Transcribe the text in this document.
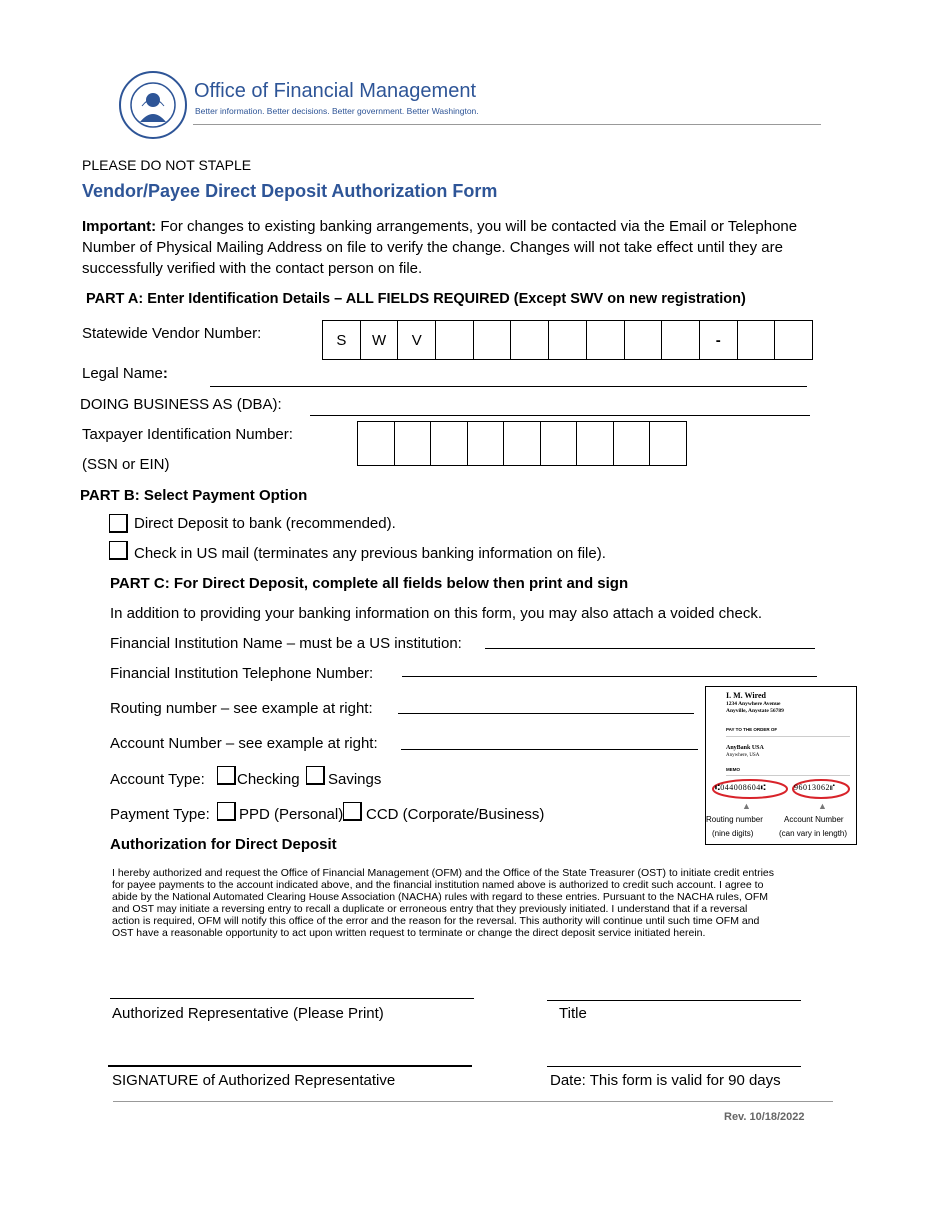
Office of Financial Management
Better information. Better decisions. Better government. Better Washington.
PLEASE DO NOT STAPLE
Vendor/Payee Direct Deposit Authorization Form
Important: For changes to existing banking arrangements, you will be contacted via the Email or Telephone
Number of Physical Mailing Address on file to verify the change. Changes will not take effect until they are
successfully verified with the contact person on file.
PART A: Enter Identification Details – ALL FIELDS REQUIRED (Except SWV on new registration)
Statewide Vendor Number:	S	W	V	-
Legal Name:
DOING BUSINESS AS (DBA):
Taxpayer Identification Number:
(SSN or EIN)
PART B: Select Payment Option
Direct Deposit to bank (recommended).
Check in US mail (terminates any previous banking information on file).
PART C: For Direct Deposit, complete all fields below then print and sign
In addition to providing your banking information on this form, you may also attach a voided check.
Financial Institution Name – must be a US institution:
Financial Institution Telephone Number:
Routing number – see example at right:
Account Number – see example at right:
Account Type: Checking Savings
Payment Type: PPD (Personal) CCD (Corporate/Business)
I. M. Wired
1234 Anywhere Avenue
Anyville, Anystate 56789
PAY TO THE ORDER OF
AnyBank USA
Anywhere, USA
MEMO
⑆044008604⑆	96013062⑈
▲	▲
Routing number	Account Number
(nine digits)	(can vary in length)
Authorization for Direct Deposit
I hereby authorized and request the Office of Financial Management (OFM) and the Office of the State Treasurer (OST) to initiate credit entries
for payee payments to the account indicated above, and the financial institution named above is authorized to credit such account. I agree to
abide by the National Automated Clearing House Association (NACHA) rules with regard to these entries. Pursuant to the NACHA rules, OFM
and OST may initiate a reversing entry to recall a duplicate or erroneous entry that they previously initiated. I understand that if a reversal
action is required, OFM will notify this office of the error and the reason for the reversal. This authority will continue until such time OFM and
OST have a reasonable opportunity to act upon written request to terminate or change the direct deposit service initiated herein.
Authorized Representative (Please Print)	Title
SIGNATURE of Authorized Representative	Date: This form is valid for 90 days
Rev. 10/18/2022
